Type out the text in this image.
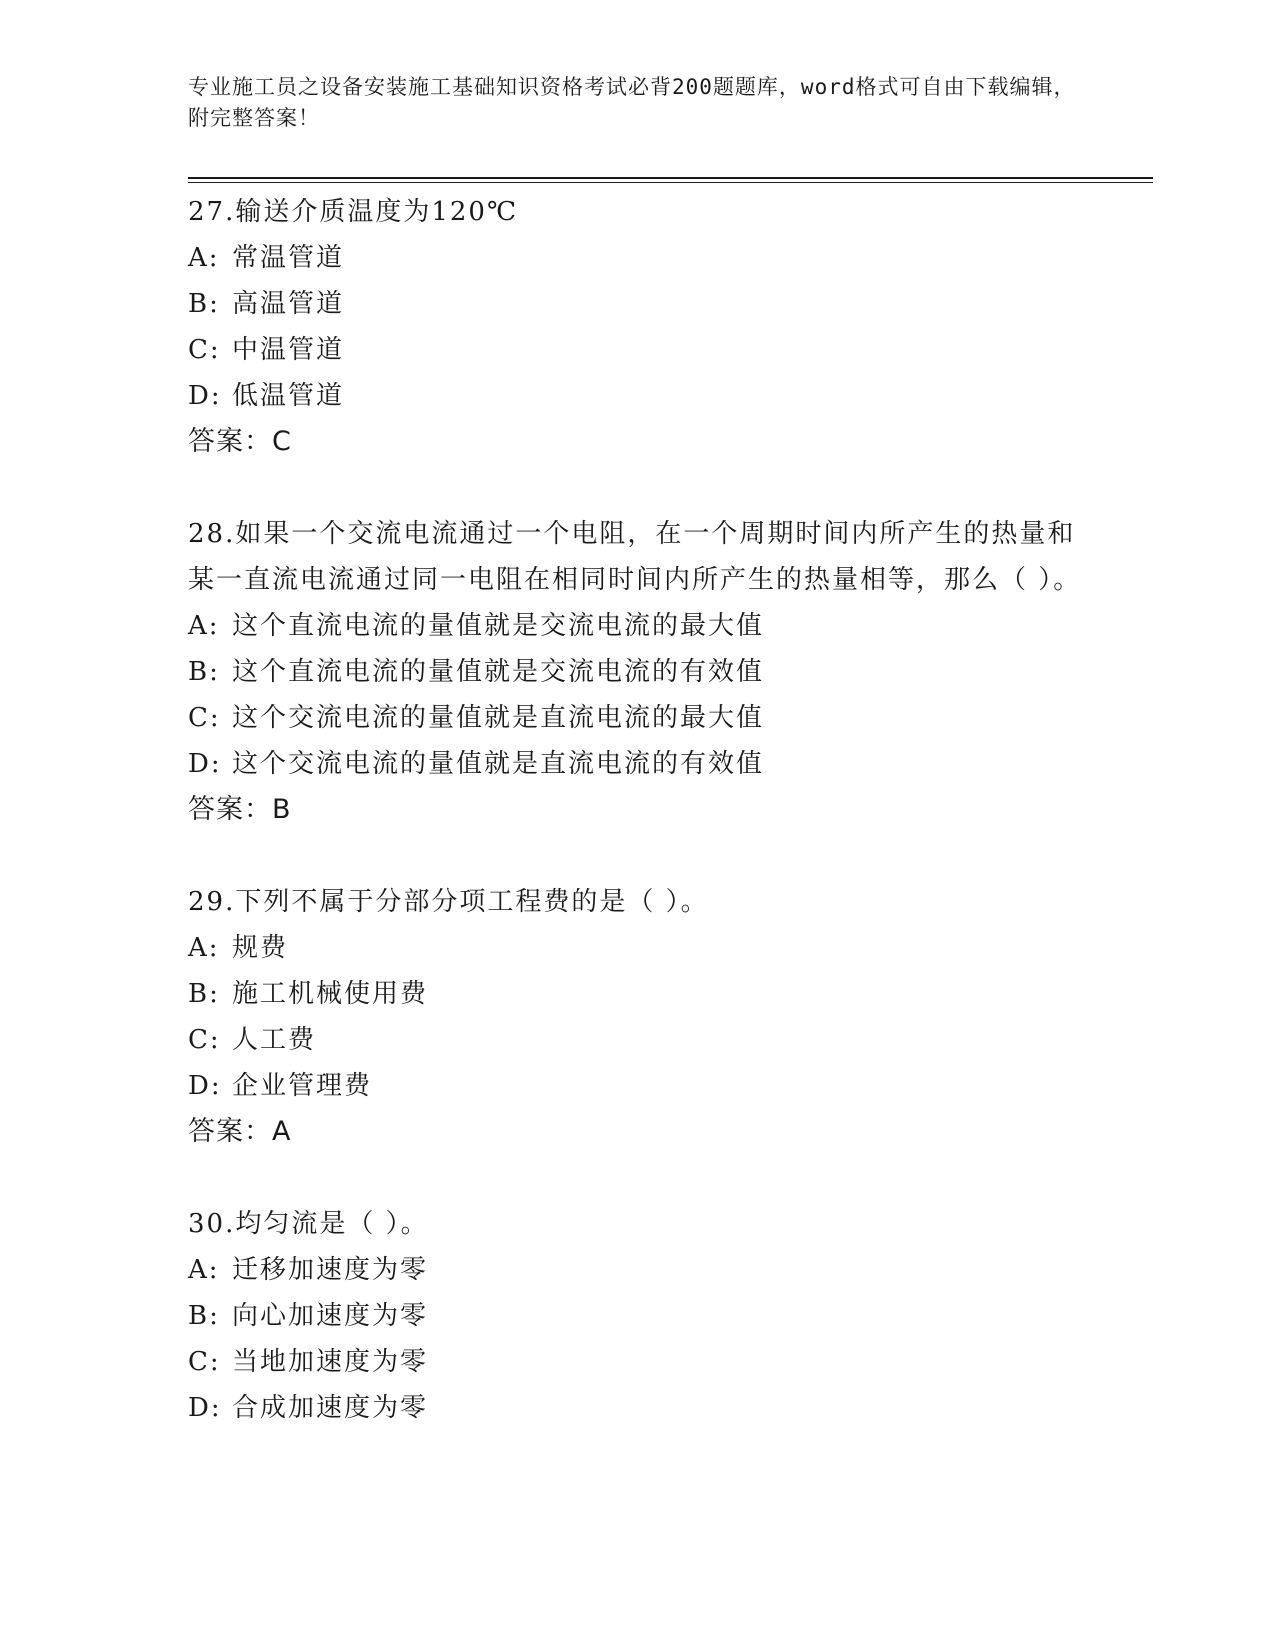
专业施工员之设备安装施工基础知识资格考试必背200题题库，word格式可自由下载编辑，附完整答案！
27.输送介质温度为120℃
A: 常温管道
B: 高温管道
C: 中温管道
D: 低温管道
答案：C
28.如果一个交流电流通过一个电阻，在一个周期时间内所产生的热量和某一直流电流通过同一电阻在相同时间内所产生的热量相等，那么（ ）。
A: 这个直流电流的量值就是交流电流的最大值
B: 这个直流电流的量值就是交流电流的有效值
C: 这个交流电流的量值就是直流电流的最大值
D: 这个交流电流的量值就是直流电流的有效值
答案：B
29.下列不属于分部分项工程费的是（ ）。
A: 规费
B: 施工机械使用费
C: 人工费
D: 企业管理费
答案：A
30.均匀流是（ ）。
A: 迁移加速度为零
B: 向心加速度为零
C: 当地加速度为零
D: 合成加速度为零
